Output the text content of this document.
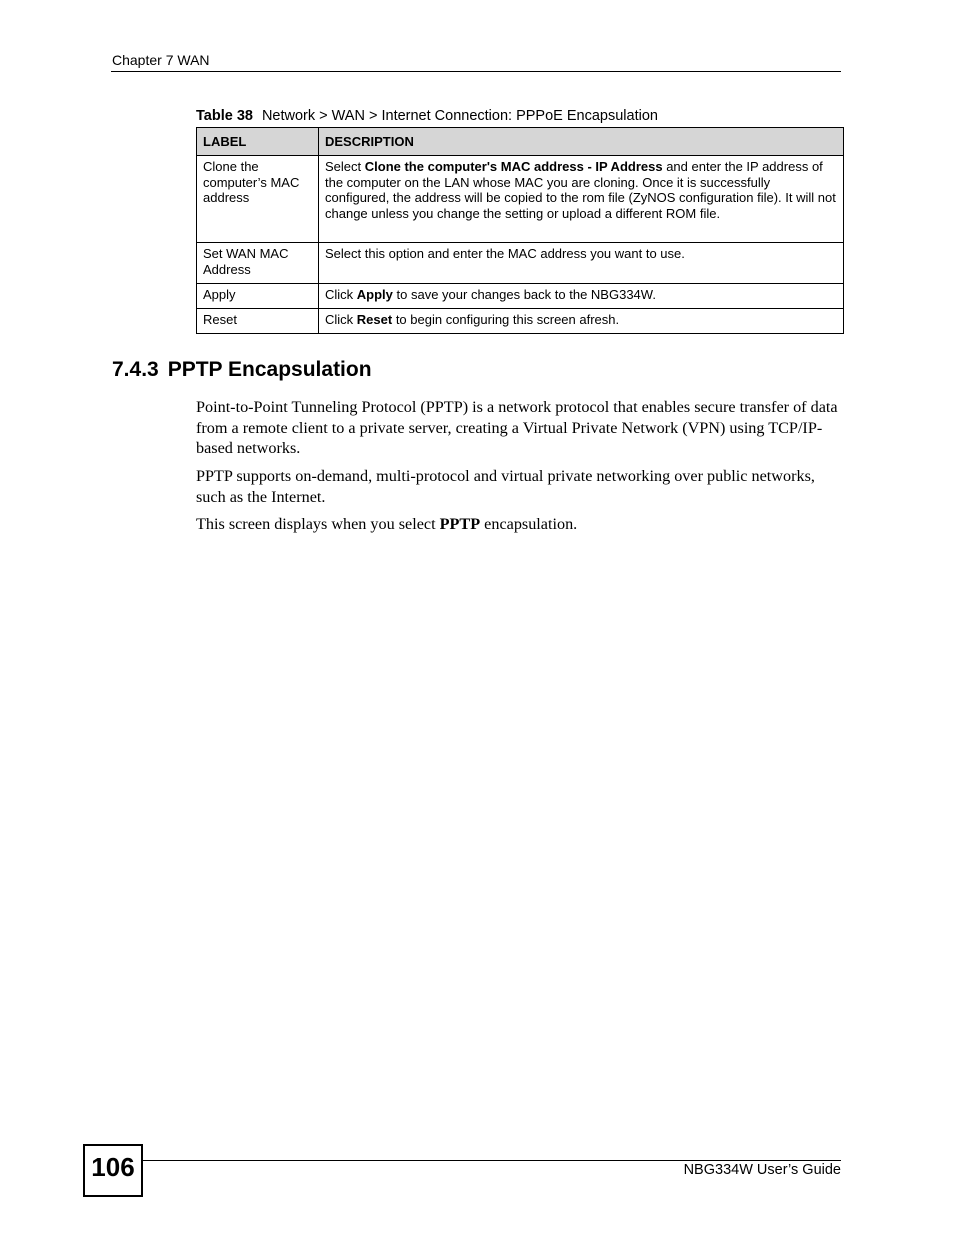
Chapter 7 WAN
Table 38 Network > WAN > Internet Connection: PPPoE Encapsulation
LABEL	DESCRIPTION
Clone the computer’s MAC address	Select Clone the computer's MAC address - IP Address and enter the IP address of the computer on the LAN whose MAC you are cloning. Once it is successfully configured, the address will be copied to the rom file (ZyNOS configuration file). It will not change unless you change the setting or upload a different ROM file.
Set WAN MAC Address	Select this option and enter the MAC address you want to use.
Apply	Click Apply to save your changes back to the NBG334W.
Reset	Click Reset to begin configuring this screen afresh.
7.4.3 PPTP Encapsulation
Point-to-Point Tunneling Protocol (PPTP) is a network protocol that enables secure transfer of data from a remote client to a private server, creating a Virtual Private Network (VPN) using TCP/IP-based networks.
PPTP supports on-demand, multi-protocol and virtual private networking over public networks, such as the Internet.
This screen displays when you select PPTP encapsulation.
106	NBG334W User’s Guide
